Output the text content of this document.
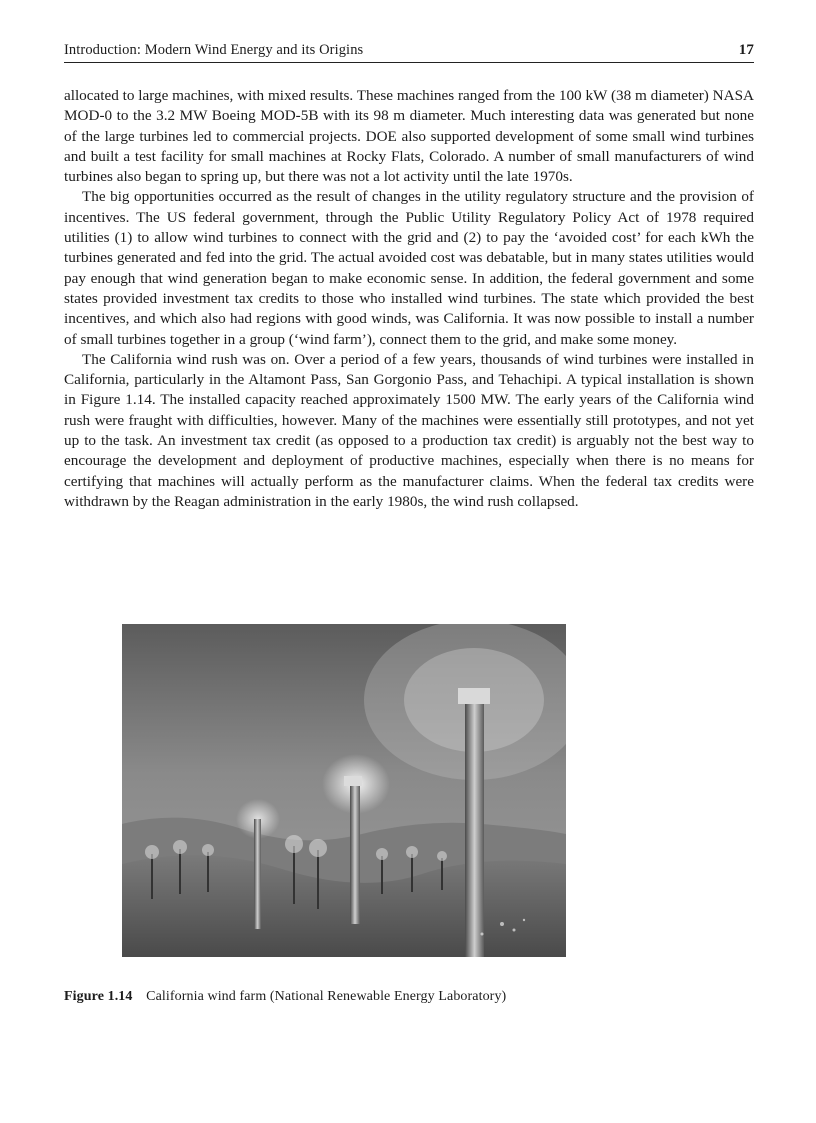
Introduction: Modern Wind Energy and its Origins	17

allocated to large machines, with mixed results. These machines ranged from the 100 kW (38 m diameter) NASA MOD-0 to the 3.2 MW Boeing MOD-5B with its 98 m diameter. Much interesting data was generated but none of the large turbines led to commercial projects. DOE also supported development of some small wind turbines and built a test facility for small machines at Rocky Flats, Colorado. A number of small manufacturers of wind turbines also began to spring up, but there was not a lot activity until the late 1970s.

The big opportunities occurred as the result of changes in the utility regulatory structure and the provision of incentives. The US federal government, through the Public Utility Regulatory Policy Act of 1978 required utilities (1) to allow wind turbines to connect with the grid and (2) to pay the ‘avoided cost’ for each kWh the turbines generated and fed into the grid. The actual avoided cost was debatable, but in many states utilities would pay enough that wind generation began to make economic sense. In addition, the federal government and some states provided investment tax credits to those who installed wind turbines. The state which provided the best incentives, and which also had regions with good winds, was California. It was now possible to install a number of small turbines together in a group (‘wind farm’), connect them to the grid, and make some money.

The California wind rush was on. Over a period of a few years, thousands of wind turbines were installed in California, particularly in the Altamont Pass, San Gorgonio Pass, and Tehachipi. A typical installation is shown in Figure 1.14. The installed capacity reached approximately 1500 MW. The early years of the California wind rush were fraught with difficulties, however. Many of the machines were essentially still prototypes, and not yet up to the task. An investment tax credit (as opposed to a production tax credit) is arguably not the best way to encourage the development and deployment of productive machines, especially when there is no means for certifying that machines will actually perform as the manufacturer claims. When the federal tax credits were withdrawn by the Reagan administration in the early 1980s, the wind rush collapsed.

Figure 1.14 California wind farm (National Renewable Energy Laboratory)
